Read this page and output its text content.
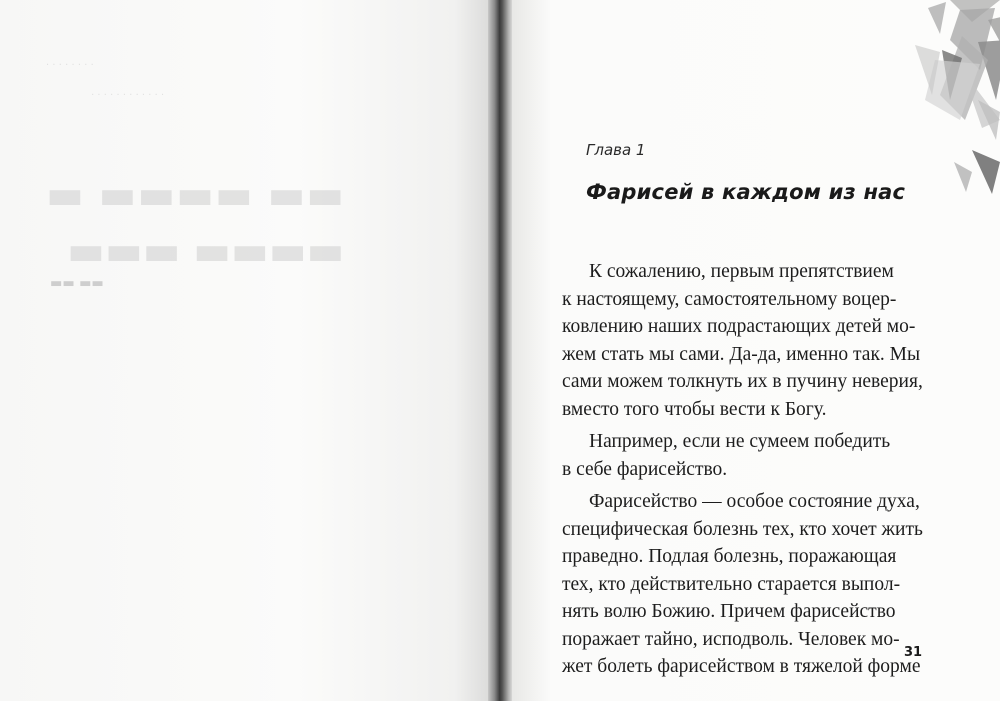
· · · · · · · ·
· · · · · · · · · · · ·
▬▬ ▬▬▬▬ ▬
▬▬▬▬ ▬▬▬
▬▬ ▬▬
Глава 1
Фарисей в каждом из нас
К сожалению, первым препятствием
к настоящему, самостоятельному воцер-
ковлению наших подрастающих детей мо-
жем стать мы сами. Да-да, именно так. Мы
сами можем толкнуть их в пучину неверия,
вместо того чтобы вести к Богу.
Например, если не сумеем победить
в себе фарисейство.
Фарисейство — особое состояние духа,
специфическая болезнь тех, кто хочет жить
праведно. Подлая болезнь, поражающая
тех, кто действительно старается выпол-
нять волю Божию. Причем фарисейство
поражает тайно, исподволь. Человек мо-
жет болеть фарисейством в тяжелой форме
31
